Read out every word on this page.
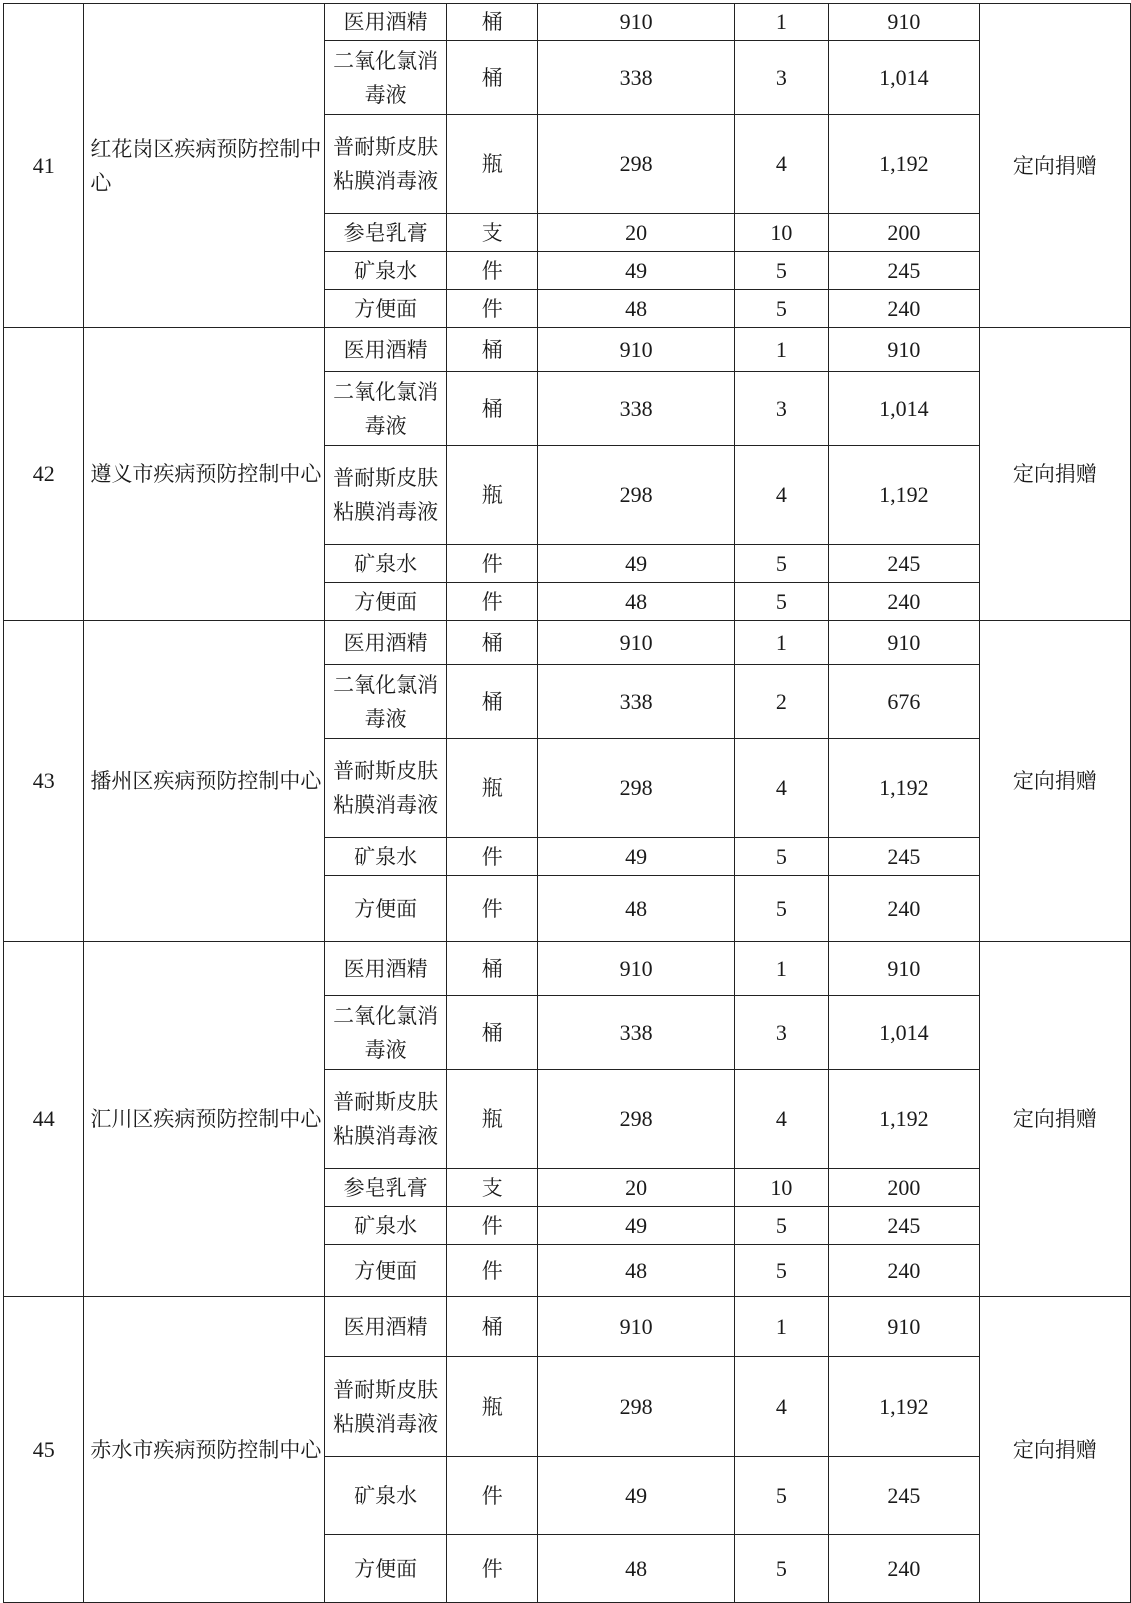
41	红花岗区疾病预防控制中心	医用酒精	桶	910	1	910	定向捐赠
		二氧化氯消毒液	桶	338	3	1,014	
		普耐斯皮肤粘膜消毒液	瓶	298	4	1,192	
		参皂乳膏	支	20	10	200	
		矿泉水	件	49	5	245	
		方便面	件	48	5	240	
42	遵义市疾病预防控制中心	医用酒精	桶	910	1	910	定向捐赠
		二氧化氯消毒液	桶	338	3	1,014	
		普耐斯皮肤粘膜消毒液	瓶	298	4	1,192	
		矿泉水	件	49	5	245	
		方便面	件	48	5	240	
43	播州区疾病预防控制中心	医用酒精	桶	910	1	910	定向捐赠
		二氧化氯消毒液	桶	338	2	676	
		普耐斯皮肤粘膜消毒液	瓶	298	4	1,192	
		矿泉水	件	49	5	245	
		方便面	件	48	5	240	
44	汇川区疾病预防控制中心	医用酒精	桶	910	1	910	定向捐赠
		二氧化氯消毒液	桶	338	3	1,014	
		普耐斯皮肤粘膜消毒液	瓶	298	4	1,192	
		参皂乳膏	支	20	10	200	
		矿泉水	件	49	5	245	
		方便面	件	48	5	240	
45	赤水市疾病预防控制中心	医用酒精	桶	910	1	910	定向捐赠
		普耐斯皮肤粘膜消毒液	瓶	298	4	1,192	
		矿泉水	件	49	5	245	
		方便面	件	48	5	240	
